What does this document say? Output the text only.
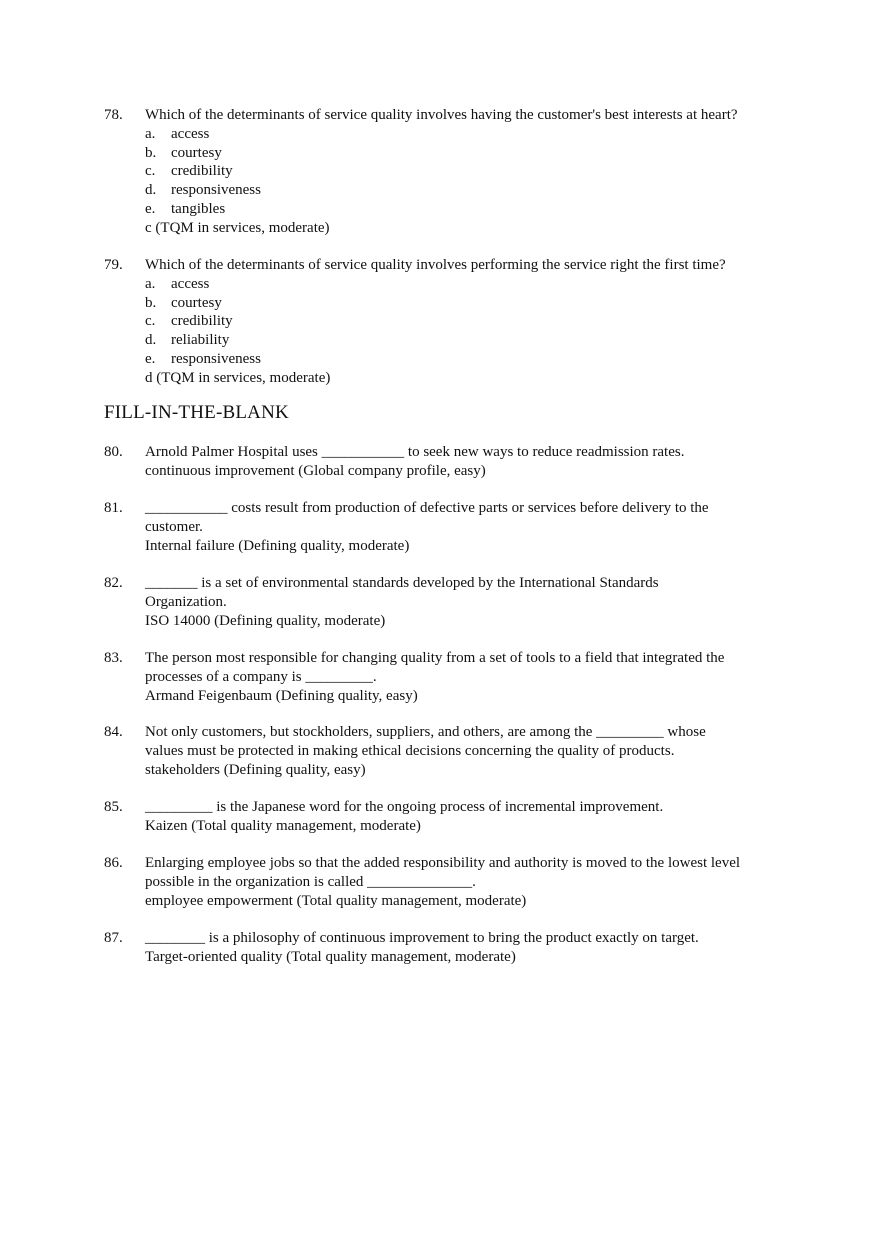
78. Which of the determinants of service quality involves having the customer's best interests at heart?
a. access
b. courtesy
c. credibility
d. responsiveness
e. tangibles
c (TQM in services, moderate)
79. Which of the determinants of service quality involves performing the service right the first time?
a. access
b. courtesy
c. credibility
d. reliability
e. responsiveness
d (TQM in services, moderate)
FILL-IN-THE-BLANK
80. Arnold Palmer Hospital uses ___________ to seek new ways to reduce readmission rates.
continuous improvement (Global company profile, easy)
81. ___________ costs result from production of defective parts or services before delivery to the
customer.
Internal failure (Defining quality, moderate)
82. _______ is a set of environmental standards developed by the International Standards
Organization.
ISO 14000 (Defining quality, moderate)
83. The person most responsible for changing quality from a set of tools to a field that integrated the
processes of a company is _________.
Armand Feigenbaum (Defining quality, easy)
84. Not only customers, but stockholders, suppliers, and others, are among the _________ whose
values must be protected in making ethical decisions concerning the quality of products.
stakeholders (Defining quality, easy)
85. _________ is the Japanese word for the ongoing process of incremental improvement.
Kaizen (Total quality management, moderate)
86. Enlarging employee jobs so that the added responsibility and authority is moved to the lowest level
possible in the organization is called ______________.
employee empowerment (Total quality management, moderate)
87. ________ is a philosophy of continuous improvement to bring the product exactly on target.
Target-oriented quality (Total quality management, moderate)
